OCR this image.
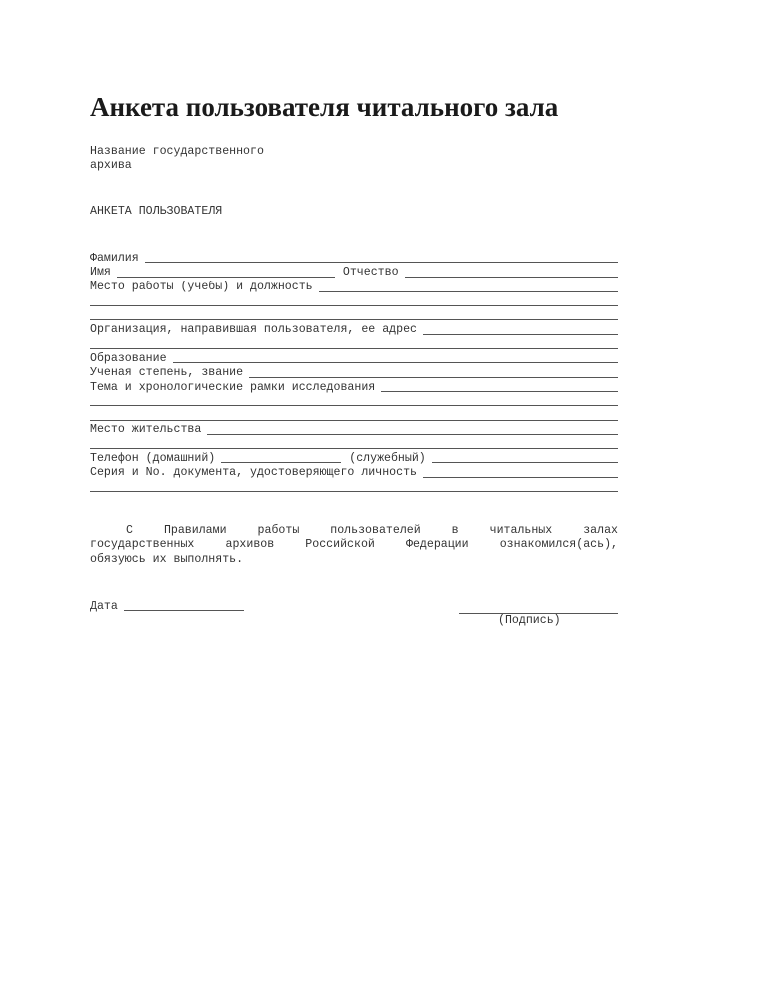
Анкета пользователя читального зала
Название государственного
архива
АНКЕТА ПОЛЬЗОВАТЕЛЯ
Фамилия
Имя	Отчество
Место работы (учебы) и должность
Организация, направившая пользователя, ее адрес
Образование
Ученая степень, звание
Тема и хронологические рамки исследования
Место жительства
Телефон (домашний)	(служебный)
Серия и No. документа, удостоверяющего личность
С	Правилами	работы	пользователей	в	читальных	залах
государственных	архивов	Российской	Федерации	ознакомился(ась),
обязуюсь их выполнять.
Дата
(Подпись)
